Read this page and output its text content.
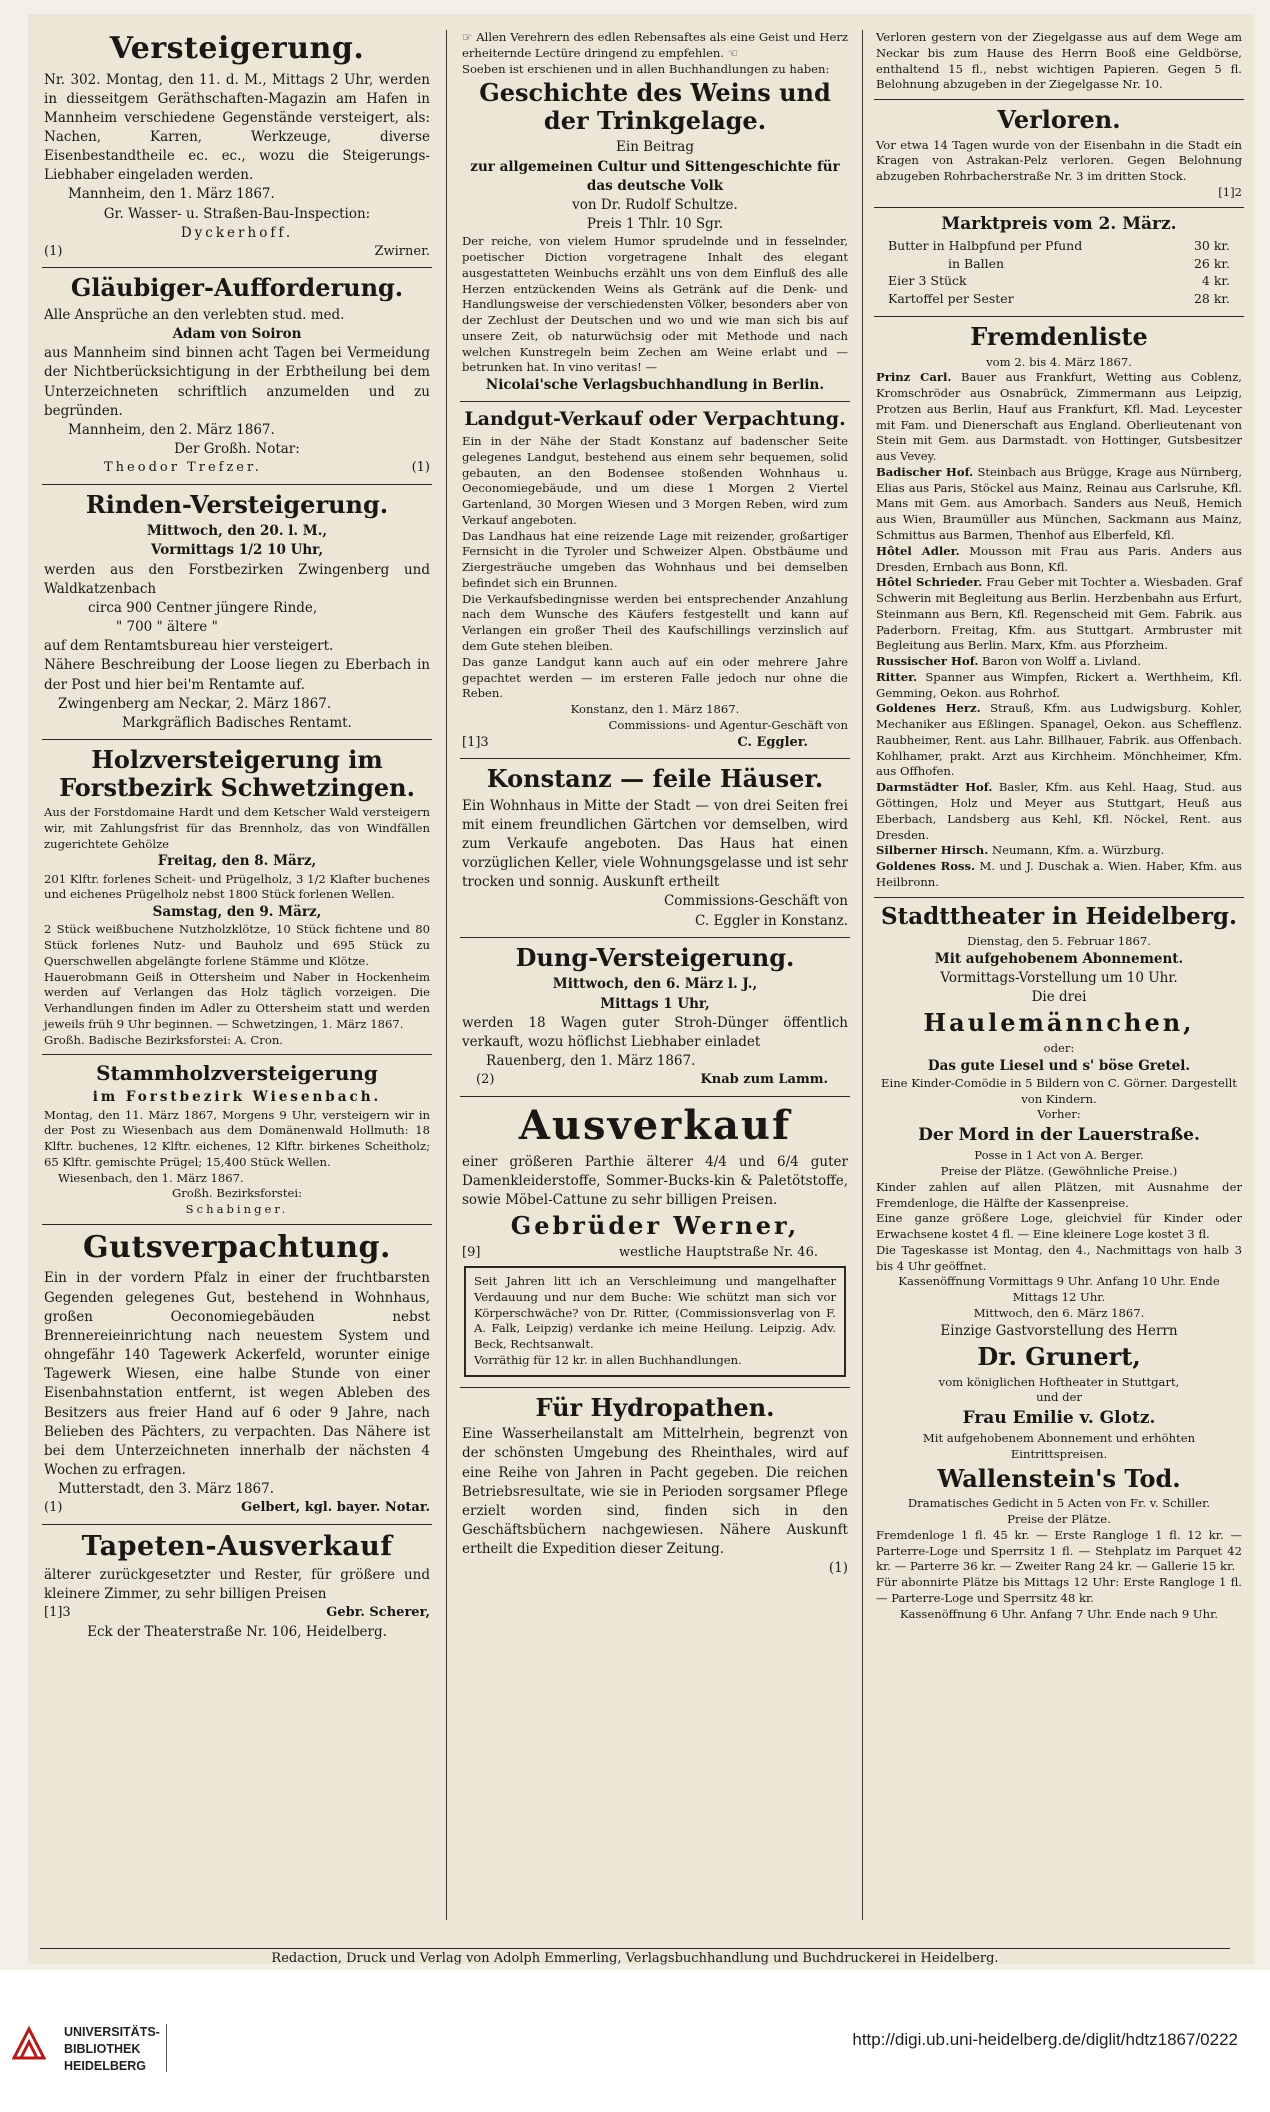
Versteigerung.

Nr. 302. Montag, den 11. d. M., Mittags 2 Uhr, werden in diesseitgem Geräthschaften-Magazin am Hafen in Mannheim verschiedene Gegenstände versteigert, als: Nachen, Karren, Werkzeuge, diverse Eisenbestandtheile ec. ec., wozu die Steigerungs-Liebhaber eingeladen werden.

Mannheim, den 1. März 1867.

Gr. Wasser- u. Straßen-Bau-Inspection:

Dyckerhoff.

(1)	Zwirner.
Gläubiger-Aufforderung.

Alle Ansprüche an den verlebten stud. med.

Adam von Soiron

aus Mannheim sind binnen acht Tagen bei Vermeidung der Nichtberücksichtigung in der Erbtheilung bei dem Unterzeichneten schriftlich anzumelden und zu begründen.

Mannheim, den 2. März 1867.

Der Großh. Notar:

Theodor Trefzer.	(1)
Rinden-Versteigerung.

Mittwoch, den 20. l. M.,

Vormittags 1/2 10 Uhr,

werden aus den Forstbezirken Zwingenberg und Waldkatzenbach

circa 900 Centner jüngere Rinde,

" 700 " ältere "

auf dem Rentamtsbureau hier versteigert.

Nähere Beschreibung der Loose liegen zu Eberbach in der Post und hier bei'm Rentamte auf.

Zwingenberg am Neckar, 2. März 1867.

Markgräflich Badisches Rentamt.

Holzversteigerung im Forstbezirk Schwetzingen.

Aus der Forstdomaine Hardt und dem Ketscher Wald versteigern wir, mit Zahlungsfrist für das Brennholz, das von Windfällen zugerichtete Gehölze

Freitag, den 8. März,

201 Klftr. forlenes Scheit- und Prügelholz, 3 1/2 Klafter buchenes und eichenes Prügelholz nebst 1800 Stück forlenen Wellen.

Samstag, den 9. März,

2 Stück weißbuchene Nutzholzklötze, 10 Stück fichtene und 80 Stück forlenes Nutz- und Bauholz und 695 Stück zu Querschwellen abgelängte forlene Stämme und Klötze.

Hauerobmann Geiß in Ottersheim und Naber in Hockenheim werden auf Verlangen das Holz täglich vorzeigen. Die Verhandlungen finden im Adler zu Ottersheim statt und werden jeweils früh 9 Uhr beginnen. — Schwetzingen, 1. März 1867.

Großh. Badische Bezirksforstei: A. Cron.

Stammholzversteigerung

im Forstbezirk Wiesenbach.

Montag, den 11. März 1867, Morgens 9 Uhr, versteigern wir in der Post zu Wiesenbach aus dem Domänenwald Hollmuth: 18 Klftr. buchenes, 12 Klftr. eichenes, 12 Klftr. birkenes Scheitholz; 65 Klftr. gemischte Prügel; 15,400 Stück Wellen.

Wiesenbach, den 1. März 1867.

Großh. Bezirksforstei:

Schabinger.

Gutsverpachtung.

Ein in der vordern Pfalz in einer der fruchtbarsten Gegenden gelegenes Gut, bestehend in Wohnhaus, großen Oeconomiegebäuden nebst Brennereieinrichtung nach neuestem System und ohngefähr 140 Tagewerk Ackerfeld, worunter einige Tagewerk Wiesen, eine halbe Stunde von einer Eisenbahnstation entfernt, ist wegen Ableben des Besitzers aus freier Hand auf 6 oder 9 Jahre, nach Belieben des Pächters, zu verpachten. Das Nähere ist bei dem Unterzeichneten innerhalb der nächsten 4 Wochen zu erfragen.

Mutterstadt, den 3. März 1867.

(1)	Gelbert, kgl. bayer. Notar.
Tapeten-Ausverkauf

älterer zurückgesetzter und Rester, für größere und kleinere Zimmer, zu sehr billigen Preisen

[1]3	Gebr. Scherer,

Eck der Theaterstraße Nr. 106, Heidelberg.

☞ Allen Verehrern des edlen Rebensaftes als eine Geist und Herz erheiternde Lectüre dringend zu empfehlen. ☜

Soeben ist erschienen und in allen Buchhandlungen zu haben:

Geschichte des Weins und der Trinkgelage.

Ein Beitrag

zur allgemeinen Cultur und Sittengeschichte für das deutsche Volk

von Dr. Rudolf Schultze.

Preis 1 Thlr. 10 Sgr.

Der reiche, von vielem Humor sprudelnde und in fesselnder, poetischer Diction vorgetragene Inhalt des elegant ausgestatteten Weinbuchs erzählt uns von dem Einfluß des alle Herzen entzückenden Weins als Getränk auf die Denk- und Handlungsweise der verschiedensten Völker, besonders aber von der Zechlust der Deutschen und wo und wie man sich bis auf unsere Zeit, ob naturwüchsig oder mit Methode und nach welchen Kunstregeln beim Zechen am Weine erlabt und — betrunken hat. In vino veritas! —

Nicolai'sche Verlagsbuchhandlung in Berlin.

Landgut-Verkauf oder Verpachtung.

Ein in der Nähe der Stadt Konstanz auf badenscher Seite gelegenes Landgut, bestehend aus einem sehr bequemen, solid gebauten, an den Bodensee stoßenden Wohnhaus u. Oeconomiegebäude, und um diese 1 Morgen 2 Viertel Gartenland, 30 Morgen Wiesen und 3 Morgen Reben, wird zum Verkauf angeboten.

Das Landhaus hat eine reizende Lage mit reizender, großartiger Fernsicht in die Tyroler und Schweizer Alpen. Obstbäume und Ziergesträuche umgeben das Wohnhaus und bei demselben befindet sich ein Brunnen.

Die Verkaufsbedingnisse werden bei entsprechender Anzahlung nach dem Wunsche des Käufers festgestellt und kann auf Verlangen ein großer Theil des Kaufschillings verzinslich auf dem Gute stehen bleiben.

Das ganze Landgut kann auch auf ein oder mehrere Jahre gepachtet werden — im ersteren Falle jedoch nur ohne die Reben.

Konstanz, den 1. März 1867.

Commissions- und Agentur-Geschäft von

[1]3	C. Eggler.
Konstanz — feile Häuser.

Ein Wohnhaus in Mitte der Stadt — von drei Seiten frei mit einem freundlichen Gärtchen vor demselben, wird zum Verkaufe angeboten. Das Haus hat einen vorzüglichen Keller, viele Wohnungsgelasse und ist sehr trocken und sonnig. Auskunft ertheilt

Commissions-Geschäft von

C. Eggler in Konstanz.

Dung-Versteigerung.

Mittwoch, den 6. März l. J.,

Mittags 1 Uhr,

werden 18 Wagen guter Stroh-Dünger öffentlich verkauft, wozu höflichst Liebhaber einladet

Rauenberg, den 1. März 1867.

(2)	Knab zum Lamm.
Ausverkauf

einer größeren Parthie älterer 4/4 und 6/4 guter Damenkleiderstoffe, Sommer-Bucks-kin & Paletötstoffe, sowie Möbel-Cattune zu sehr billigen Preisen.

Gebrüder Werner,
[9]	westliche Hauptstraße Nr. 46.

Seit Jahren litt ich an Verschleimung und mangelhafter Verdauung und nur dem Buche: Wie schützt man sich vor Körperschwäche? von Dr. Ritter, (Commissionsverlag von F. A. Falk, Leipzig) verdanke ich meine Heilung. Leipzig. Adv. Beck, Rechtsanwalt.

Vorräthig für 12 kr. in allen Buchhandlungen.

Für Hydropathen.

Eine Wasserheilanstalt am Mittelrhein, begrenzt von der schönsten Umgebung des Rheinthales, wird auf eine Reihe von Jahren in Pacht gegeben. Die reichen Betriebsresultate, wie sie in Perioden sorgsamer Pflege erzielt worden sind, finden sich in den Geschäftsbüchern nachgewiesen. Nähere Auskunft ertheilt die Expedition dieser Zeitung.

(1)

Verloren gestern von der Ziegelgasse aus auf dem Wege am Neckar bis zum Hause des Herrn Booß eine Geldbörse, enthaltend 15 fl., nebst wichtigen Papieren. Gegen 5 fl. Belohnung abzugeben in der Ziegelgasse Nr. 10.

Verloren.

Vor etwa 14 Tagen wurde von der Eisenbahn in die Stadt ein Kragen von Astrakan-Pelz verloren. Gegen Belohnung abzugeben Rohrbacherstraße Nr. 3 im dritten Stock.

[1]2

Marktpreis vom 2. März.
Butter in Halbpfund per Pfund	30 kr.
in Ballen	26 kr.
Eier 3 Stück	4 kr.
Kartoffel per Sester	28 kr.
Fremdenliste

vom 2. bis 4. März 1867.

Prinz Carl. Bauer aus Frankfurt, Wetting aus Coblenz, Kromschröder aus Osnabrück, Zimmermann aus Leipzig, Protzen aus Berlin, Hauf aus Frankfurt, Kfl. Mad. Leycester mit Fam. und Dienerschaft aus England. Oberlieutenant von Stein mit Gem. aus Darmstadt. von Hottinger, Gutsbesitzer aus Vevey.

Badischer Hof. Steinbach aus Brügge, Krage aus Nürnberg, Elias aus Paris, Stöckel aus Mainz, Reinau aus Carlsruhe, Kfl. Mans mit Gem. aus Amorbach. Sanders aus Neuß, Hemich aus Wien, Braumüller aus München, Sackmann aus Mainz, Schmittus aus Barmen, Thenhof aus Elberfeld, Kfl.

Hôtel Adler. Mousson mit Frau aus Paris. Anders aus Dresden, Ernbach aus Bonn, Kfl.

Hôtel Schrieder. Frau Geber mit Tochter a. Wiesbaden. Graf Schwerin mit Begleitung aus Berlin. Herzbenbahn aus Erfurt, Steinmann aus Bern, Kfl. Regenscheid mit Gem. Fabrik. aus Paderborn. Freitag, Kfm. aus Stuttgart. Armbruster mit Begleitung aus Berlin. Marx, Kfm. aus Pforzheim.

Russischer Hof. Baron von Wolff a. Livland.

Ritter. Spanner aus Wimpfen, Rickert a. Werthheim, Kfl. Gemming, Oekon. aus Rohrhof.

Goldenes Herz. Strauß, Kfm. aus Ludwigsburg. Kohler, Mechaniker aus Eßlingen. Spanagel, Oekon. aus Schefflenz. Raubheimer, Rent. aus Lahr. Billhauer, Fabrik. aus Offenbach. Kohlhamer, prakt. Arzt aus Kirchheim. Mönchheimer, Kfm. aus Offhofen.

Darmstädter Hof. Basler, Kfm. aus Kehl. Haag, Stud. aus Göttingen, Holz und Meyer aus Stuttgart, Heuß aus Eberbach, Landsberg aus Kehl, Kfl. Nöckel, Rent. aus Dresden.

Silberner Hirsch. Neumann, Kfm. a. Würzburg.

Goldenes Ross. M. und J. Duschak a. Wien. Haber, Kfm. aus Heilbronn.

Stadttheater in Heidelberg.

Dienstag, den 5. Februar 1867.

Mit aufgehobenem Abonnement.

Vormittags-Vorstellung um 10 Uhr.

Die drei

Haulemännchen,

oder:

Das gute Liesel und s' böse Gretel.

Eine Kinder-Comödie in 5 Bildern von C. Görner. Dargestellt von Kindern.

Vorher:

Der Mord in der Lauerstraße.

Posse in 1 Act von A. Berger.

Preise der Plätze. (Gewöhnliche Preise.)

Kinder zahlen auf allen Plätzen, mit Ausnahme der Fremdenloge, die Hälfte der Kassenpreise.

Eine ganze größere Loge, gleichviel für Kinder oder Erwachsene kostet 4 fl. — Eine kleinere Loge kostet 3 fl.

Die Tageskasse ist Montag, den 4., Nachmittags von halb 3 bis 4 Uhr geöffnet.

Kassenöffnung Vormittags 9 Uhr. Anfang 10 Uhr. Ende Mittags 12 Uhr.

Mittwoch, den 6. März 1867.

Einzige Gastvorstellung des Herrn

Dr. Grunert,

vom königlichen Hoftheater in Stuttgart,

und der

Frau Emilie v. Glotz.

Mit aufgehobenem Abonnement und erhöhten Eintrittspreisen.

Wallenstein's Tod.

Dramatisches Gedicht in 5 Acten von Fr. v. Schiller.

Preise der Plätze.

Fremdenloge 1 fl. 45 kr. — Erste Rangloge 1 fl. 12 kr. — Parterre-Loge und Sperrsitz 1 fl. — Stehplatz im Parquet 42 kr. — Parterre 36 kr. — Zweiter Rang 24 kr. — Gallerie 15 kr.

Für abonnirte Plätze bis Mittags 12 Uhr: Erste Rangloge 1 fl. — Parterre-Loge und Sperrsitz 48 kr.

Kassenöffnung 6 Uhr. Anfang 7 Uhr. Ende nach 9 Uhr.

Redaction, Druck und Verlag von Adolph Emmerling, Verlagsbuchhandlung und Buchdruckerei in Heidelberg.
UNIVERSITÄTS-
BIBLIOTHEK
HEIDELBERG
http://digi.ub.uni-heidelberg.de/diglit/hdtz1867/0222
